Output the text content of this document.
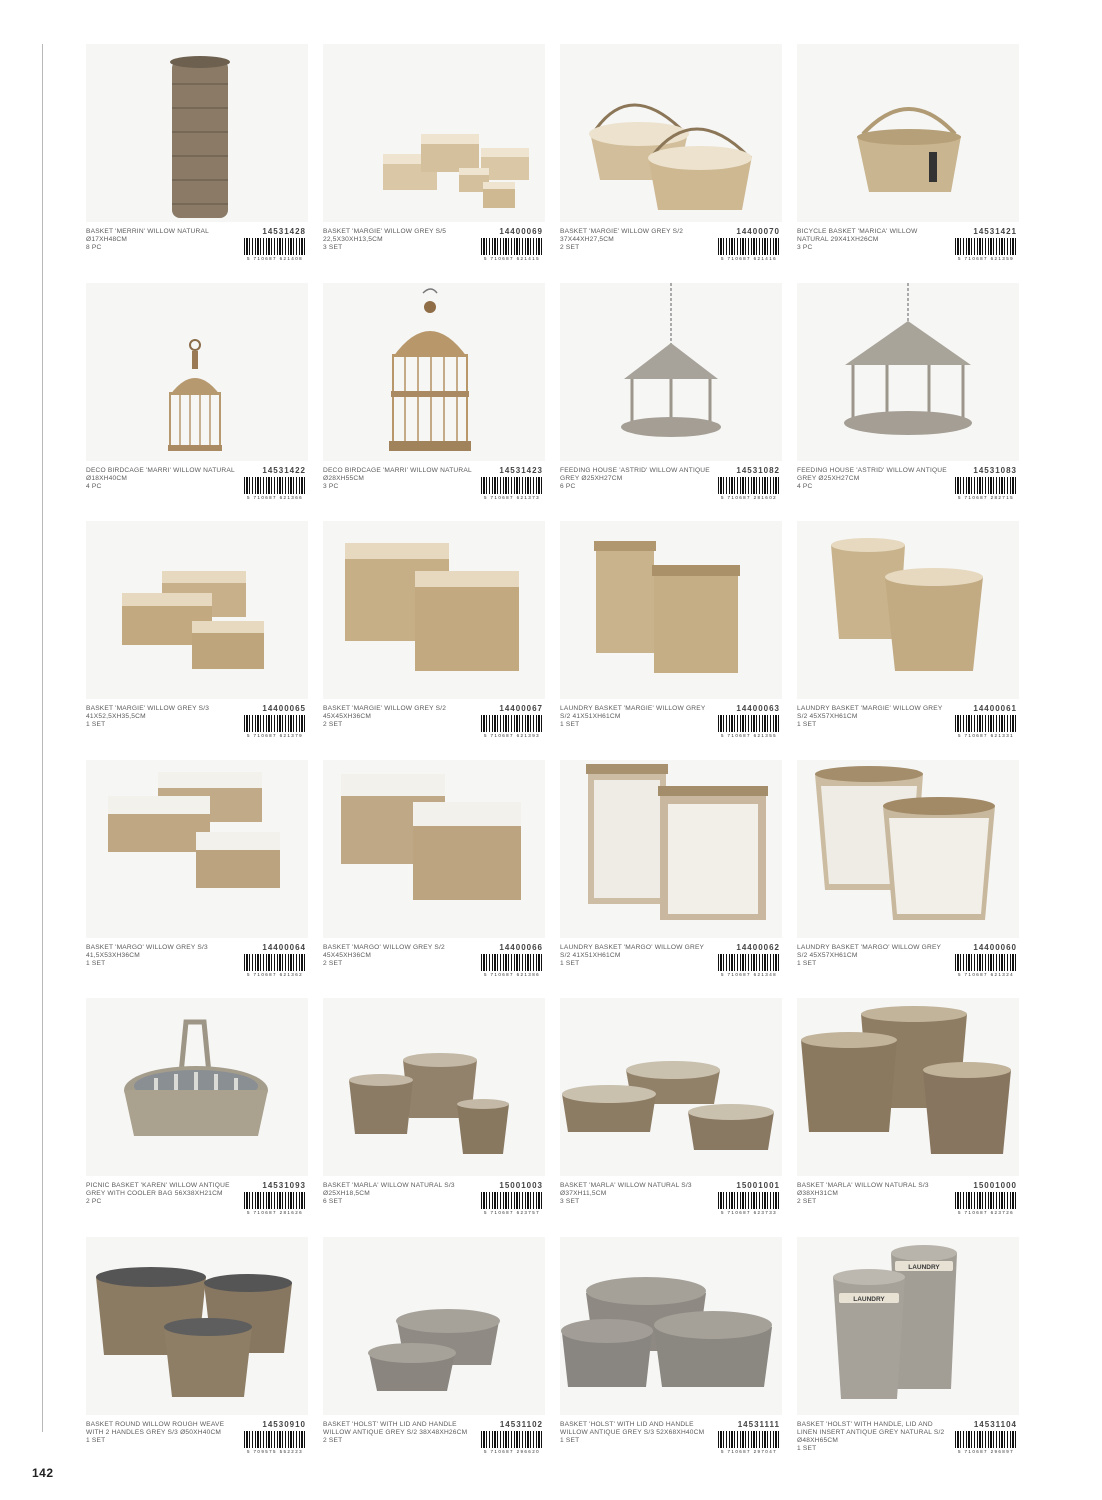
BASKET 'MERRIN' WILLOW NATURAL Ø17XH48CM
8 PC
14531428
5 710687 621408
BASKET 'MARGIE' WILLOW GREY S/5 22,5X30XH13,5CM
3 SET
14400069
5 710687 621415
BASKET 'MARGIE' WILLOW GREY S/2 37X44XH27,5CM
2 SET
14400070
5 710687 621416
BICYCLE BASKET 'MARICA' WILLOW NATURAL 29X41XH26CM
3 PC
14531421
5 710687 621359
DECO BIRDCAGE 'MARRI' WILLOW NATURAL Ø18XH40CM
4 PC
14531422
5 710687 621366
DECO BIRDCAGE 'MARRI' WILLOW NATURAL Ø28XH55CM
3 PC
14531423
5 710687 621373
FEEDING HOUSE 'ASTRID' WILLOW ANTIQUE GREY Ø25XH27CM
6 PC
14531082
5 710687 281602
FEEDING HOUSE 'ASTRID' WILLOW ANTIQUE GREY Ø25XH27CM
4 PC
14531083
5 710687 282715
BASKET 'MARGIE' WILLOW GREY S/3 41X52,5XH35,5CM
1 SET
14400065
5 710687 621379
BASKET 'MARGIE' WILLOW GREY S/2 45X45XH36CM
2 SET
14400067
5 710687 621393
LAUNDRY BASKET 'MARGIE' WILLOW GREY S/2 41X51XH61CM
1 SET
14400063
5 710687 621355
LAUNDRY BASKET 'MARGIE' WILLOW GREY S/2 45X57XH61CM
1 SET
14400061
5 710687 621331
BASKET 'MARGO' WILLOW GREY S/3 41,5X53XH36CM
1 SET
14400064
5 710687 621362
BASKET 'MARGO' WILLOW GREY S/2 45X45XH36CM
2 SET
14400066
5 710687 621386
LAUNDRY BASKET 'MARGO' WILLOW GREY S/2 41X51XH61CM
1 SET
14400062
5 710687 621348
LAUNDRY BASKET 'MARGO' WILLOW GREY S/2 45X57XH61CM
1 SET
14400060
5 710687 621324
PICNIC BASKET 'KAREN' WILLOW ANTIQUE GREY WITH COOLER BAG 56X38XH21CM
2 PC
14531093
5 710687 281626
BASKET 'MARLA' WILLOW NATURAL S/3 Ø25XH18,5CM
6 SET
15001003
5 710687 623757
BASKET 'MARLA' WILLOW NATURAL S/3 Ø37XH11,5CM
3 SET
15001001
5 710687 623733
BASKET 'MARLA' WILLOW NATURAL S/3 Ø38XH31CM
2 SET
15001000
5 710687 623726
BASKET ROUND WILLOW ROUGH WEAVE WITH 2 HANDLES GREY S/3 Ø50XH40CM
1 SET
14530910
5 709575 552223
BASKET 'HOLST' WITH LID AND HANDLE WILLOW ANTIQUE GREY S/2 38X48XH26CM
2 SET
14531102
5 710687 296620
BASKET 'HOLST' WITH LID AND HANDLE WILLOW ANTIQUE GREY S/3 52X68XH40CM
1 SET
14531111
5 710687 297047
LAUNDRY
LAUNDRY
BASKET 'HOLST' WITH HANDLE, LID AND LINEN INSERT ANTIQUE GREY NATURAL S/2 Ø48XH65CM
1 SET
14531104
5 710687 296897
142
